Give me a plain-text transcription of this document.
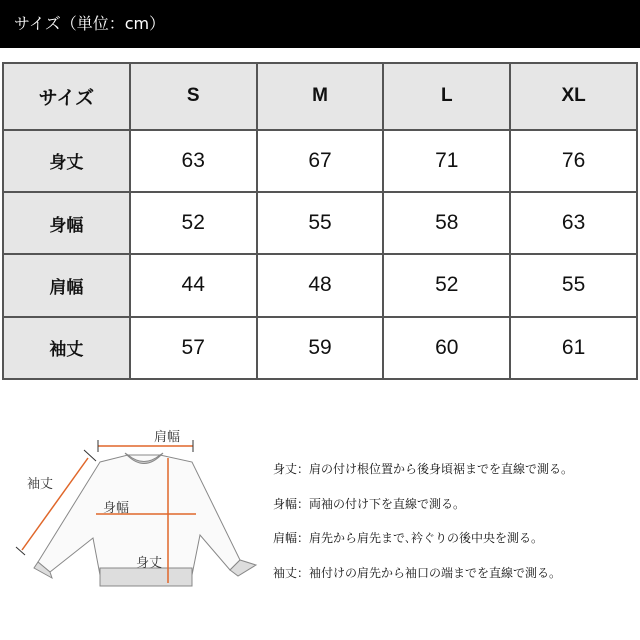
サイズ（単位：cm）
サイズ	S	M	L	XL
身丈	63	67	71	76
身幅	52	55	58	63
肩幅	44	48	52	55
袖丈	57	59	60	61
肩幅
袖丈
身幅
身丈
身丈：肩の付け根位置から後身頃裾までを直線で測る。
身幅：両袖の付け下を直線で測る。
肩幅：肩先から肩先まで､衿ぐりの後中央を測る。
袖丈：袖付けの肩先から袖口の端までを直線で測る。
